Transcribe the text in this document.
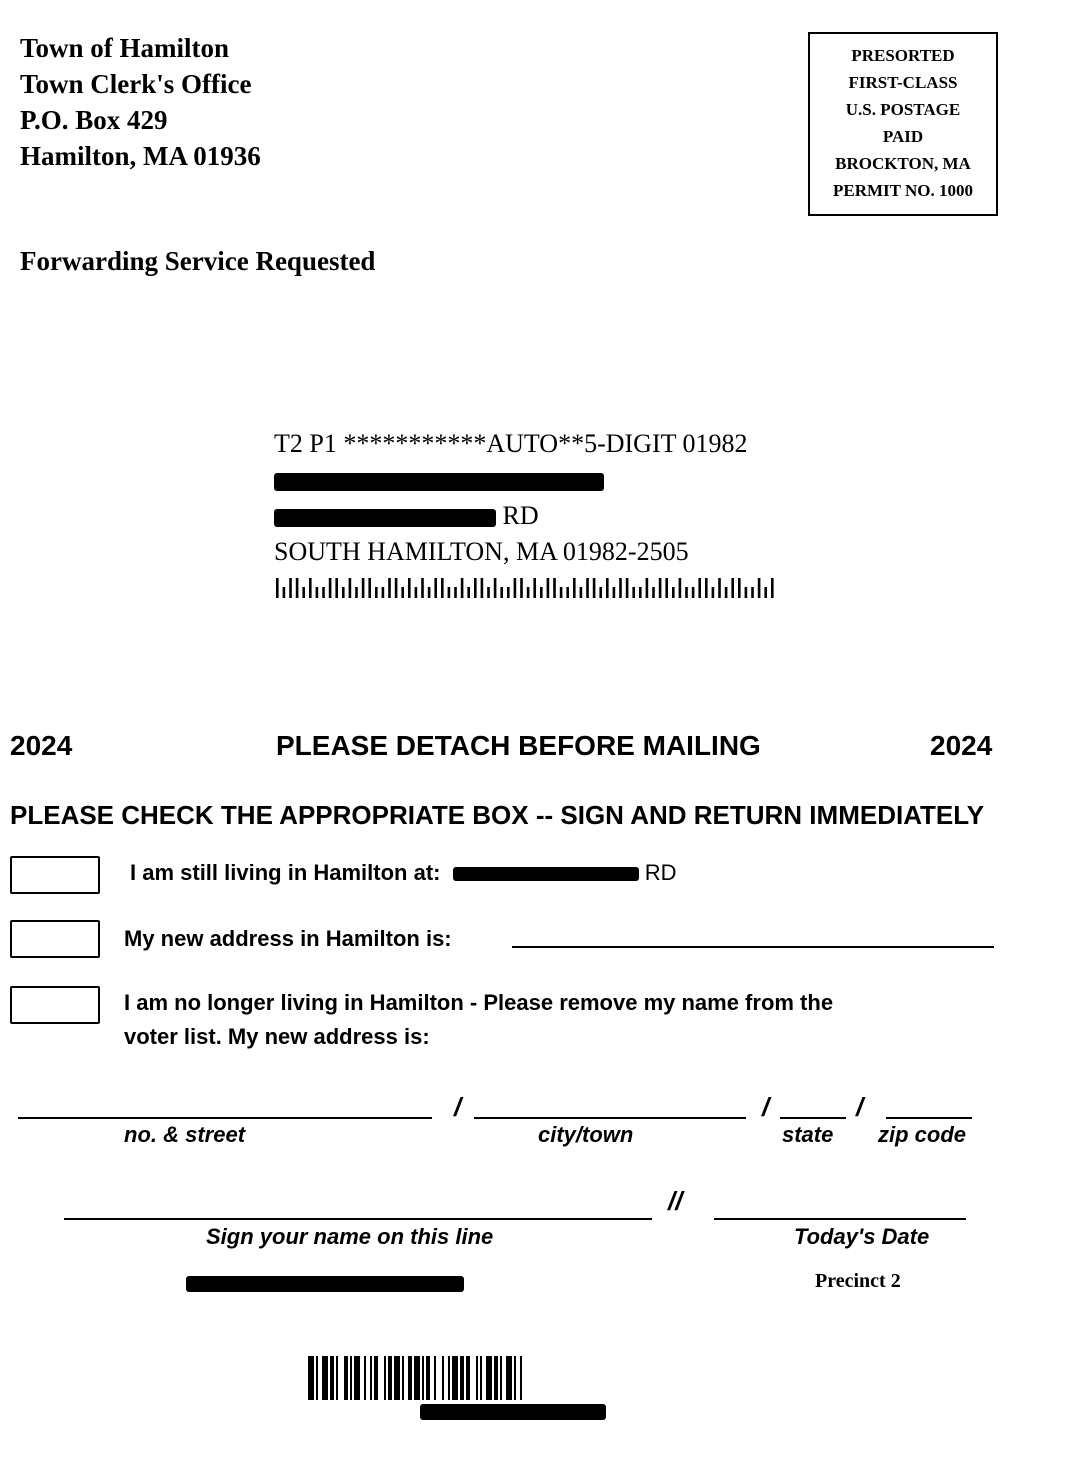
Town of Hamilton
Town Clerk's Office
P.O. Box 429
Hamilton, MA 01936
PRESORTED
FIRST-CLASS
U.S. POSTAGE
PAID
BROCKTON, MA
PERMIT NO. 1000
Forwarding Service Requested
T2 P1 ***********AUTO**5-DIGIT 01982
RD
SOUTH HAMILTON, MA 01982-2505
2024	PLEASE DETACH BEFORE MAILING	2024
PLEASE CHECK THE APPROPRIATE BOX -- SIGN AND RETURN IMMEDIATELY
I am still living in Hamilton at:	RD
My new address in Hamilton is:
I am no longer living in Hamilton - Please remove my name from the
voter list. My new address is:
/	/	/
no. & street	city/town	state zip code
//
Sign your name on this line	Today's Date
Precinct 2
